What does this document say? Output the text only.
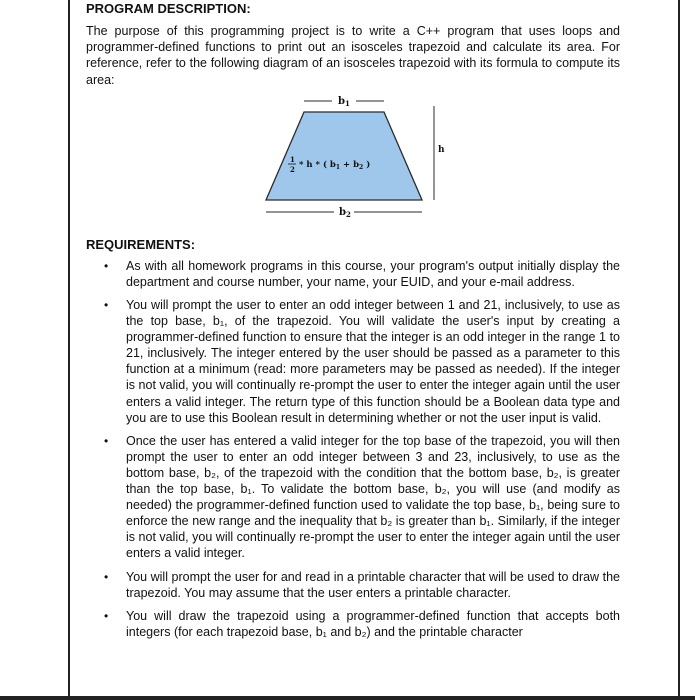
PROGRAM DESCRIPTION:

The purpose of this programming project is to write a C++ program that uses loops and programmer-defined functions to print out an isosceles trapezoid and calculate its area. For reference, refer to the following diagram of an isosceles trapezoid with its formula to compute its area:

$b_1$
h
1
2 * h * ( $b_1 + b_2$ )
$b_2$

REQUIREMENTS:

• As with all homework programs in this course, your program's output initially display the department and course number, your name, your EUID, and your e-mail address.
• You will prompt the user to enter an odd integer between 1 and 21, inclusively, to use as the top base, b₁, of the trapezoid. You will validate the user's input by creating a programmer-defined function to ensure that the integer is an odd integer in the range 1 to 21, inclusively. The integer entered by the user should be passed as a parameter to this function at a minimum (read: more parameters may be passed as needed). If the integer is not valid, you will continually re-prompt the user to enter the integer again until the user enters a valid integer. The return type of this function should be a Boolean data type and you are to use this Boolean result in determining whether or not the user input is valid.
• Once the user has entered a valid integer for the top base of the trapezoid, you will then prompt the user to enter an odd integer between 3 and 23, inclusively, to use as the bottom base, b₂, of the trapezoid with the condition that the bottom base, b₂, is greater than the top base, b₁. To validate the bottom base, b₂, you will use (and modify as needed) the programmer-defined function used to validate the top base, b₁, being sure to enforce the new range and the inequality that b₂ is greater than b₁. Similarly, if the integer is not valid, you will continually re-prompt the user to enter the integer again until the user enters a valid integer.
• You will prompt the user for and read in a printable character that will be used to draw the trapezoid. You may assume that the user enters a printable character.
• You will draw the trapezoid using a programmer-defined function that accepts both integers (for each trapezoid base, b₁ and b₂) and the printable character
